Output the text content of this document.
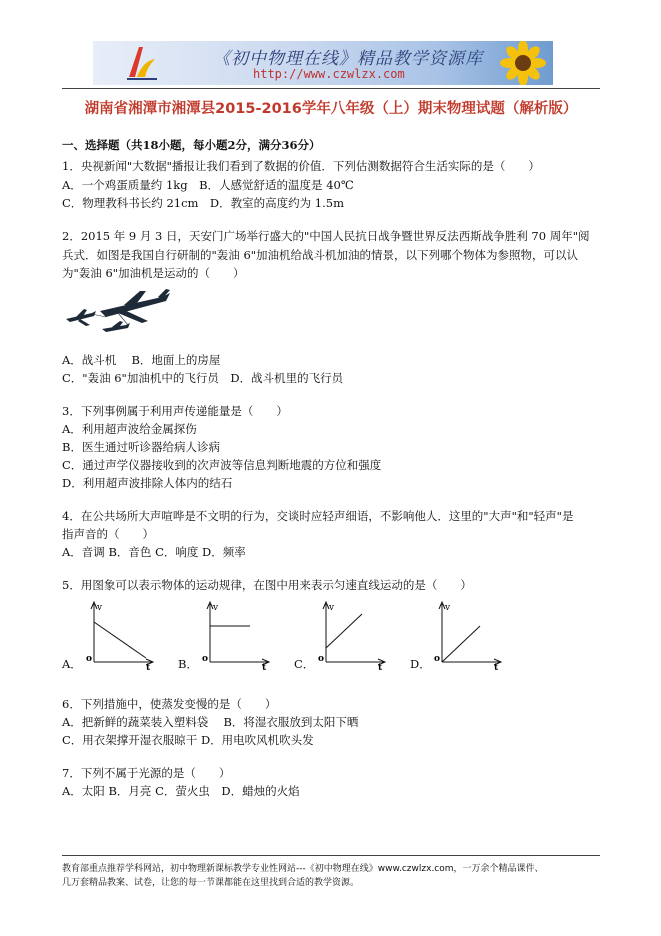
《初中物理在线》精品教学资源库
http://www.czwlzx.com
湖南省湘潭市湘潭县2015-2016学年八年级（上）期末物理试题（解析版）
一、选择题（共18小题，每小题2分，满分36分）
1．央视新闻"大数据"播报让我们看到了数据的价值．下列估测数据符合生活实际的是（　　）
A．一个鸡蛋质量约 1kg　B．人感觉舒适的温度是 40℃
C．物理教科书长约 21cm　D．教室的高度约为 1.5m
2．2015 年 9 月 3 日，天安门广场举行盛大的"中国人民抗日战争暨世界反法西斯战争胜利 70 周年"阅
兵式．如图是我国自行研制的"轰油 6"加油机给战斗机加油的情景，以下列哪个物体为参照物，可以认
为"轰油 6"加油机是运动的（　　）
A．战斗机　 B．地面上的房屋
C．"轰油 6"加油机中的飞行员　D．战斗机里的飞行员
3．下列事例属于利用声传递能量是（　　）
A．利用超声波给金属探伤
B．医生通过听诊器给病人诊病
C．通过声学仪器接收到的次声波等信息判断地震的方位和强度
D．利用超声波排除人体内的结石
4．在公共场所大声喧哗是不文明的行为，交谈时应轻声细语，不影响他人．这里的"大声"和"轻声"是
指声音的（　　）
A．音调 B．音色 C．响度 D．频率
5．用图象可以表示物体的运动规律，在图中用来表示匀速直线运动的是（　　）
A．
v
o
t B．
v
o
t C．
v
o
t D．
v
o
t
6．下列措施中，使蒸发变慢的是（　　）
A．把新鲜的蔬菜装入塑料袋　 B．将湿衣服放到太阳下晒
C．用衣架撑开湿衣服晾干 D．用电吹风机吹头发
7．下列不属于光源的是（　　）
A．太阳 B．月亮 C．萤火虫　D．蜡烛的火焰
教育部重点推荐学科网站，初中物理新课标教学专业性网站---《初中物理在线》www.czwlzx.com，一万余个精品课件、
几万套精品教案、试卷，让您的每一节课都能在这里找到合适的教学资源。
